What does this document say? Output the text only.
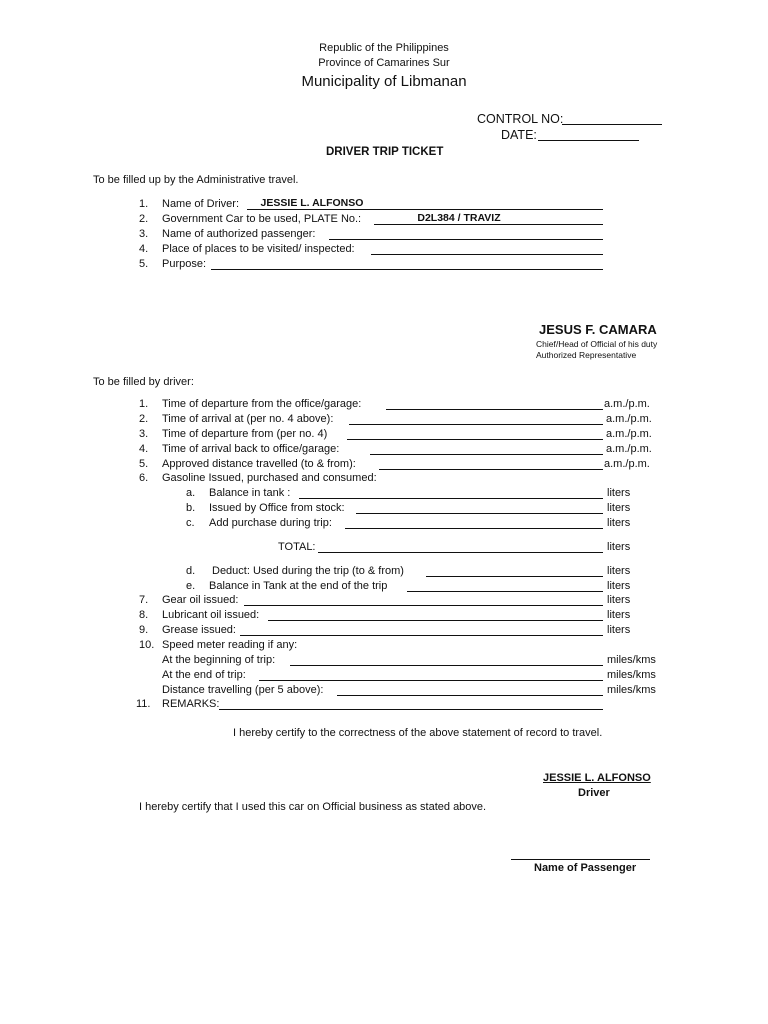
Republic of the Philippines
Province of Camarines Sur
Municipality of Libmanan
CONTROL NO:
DATE:
DRIVER TRIP TICKET
To be filled up by the Administrative travel.
1. Name of Driver:	JESSIE L. ALFONSO
2. Government Car to be used, PLATE No.:	D2L384 / TRAVIZ
3. Name of authorized passenger:
4. Place of places to be visited/ inspected:
5. Purpose:
JESUS F. CAMARA
Chief/Head of Official of his duty
Authorized Representative
To be filled by driver:
1. Time of departure from the office/garage:	a.m./p.m.
2. Time of arrival at (per no. 4 above):	a.m./p.m.
3. Time of departure from (per no. 4)	a.m./p.m.
4. Time of arrival back to office/garage:	a.m./p.m.
5. Approved distance travelled (to & from):	a.m./p.m.
6. Gasoline Issued, purchased and consumed:
a. Balance in tank :	liters
b. Issued by Office from stock:	liters
c. Add purchase during trip:	liters
TOTAL:	liters
d. Deduct: Used during the trip (to & from)	liters
e. Balance in Tank at the end of the trip	liters
7. Gear oil issued:	liters
8. Lubricant oil issued:	liters
9. Grease issued:	liters
10. Speed meter reading if any:
At the beginning of trip:	miles/kms
At the end of trip:	miles/kms
Distance travelling (per 5 above):	miles/kms
11. REMARKS:
I hereby certify to the correctness of the above statement of record to travel.
JESSIE L. ALFONSO
Driver
I hereby certify that I used this car on Official business as stated above.
Name of Passenger
